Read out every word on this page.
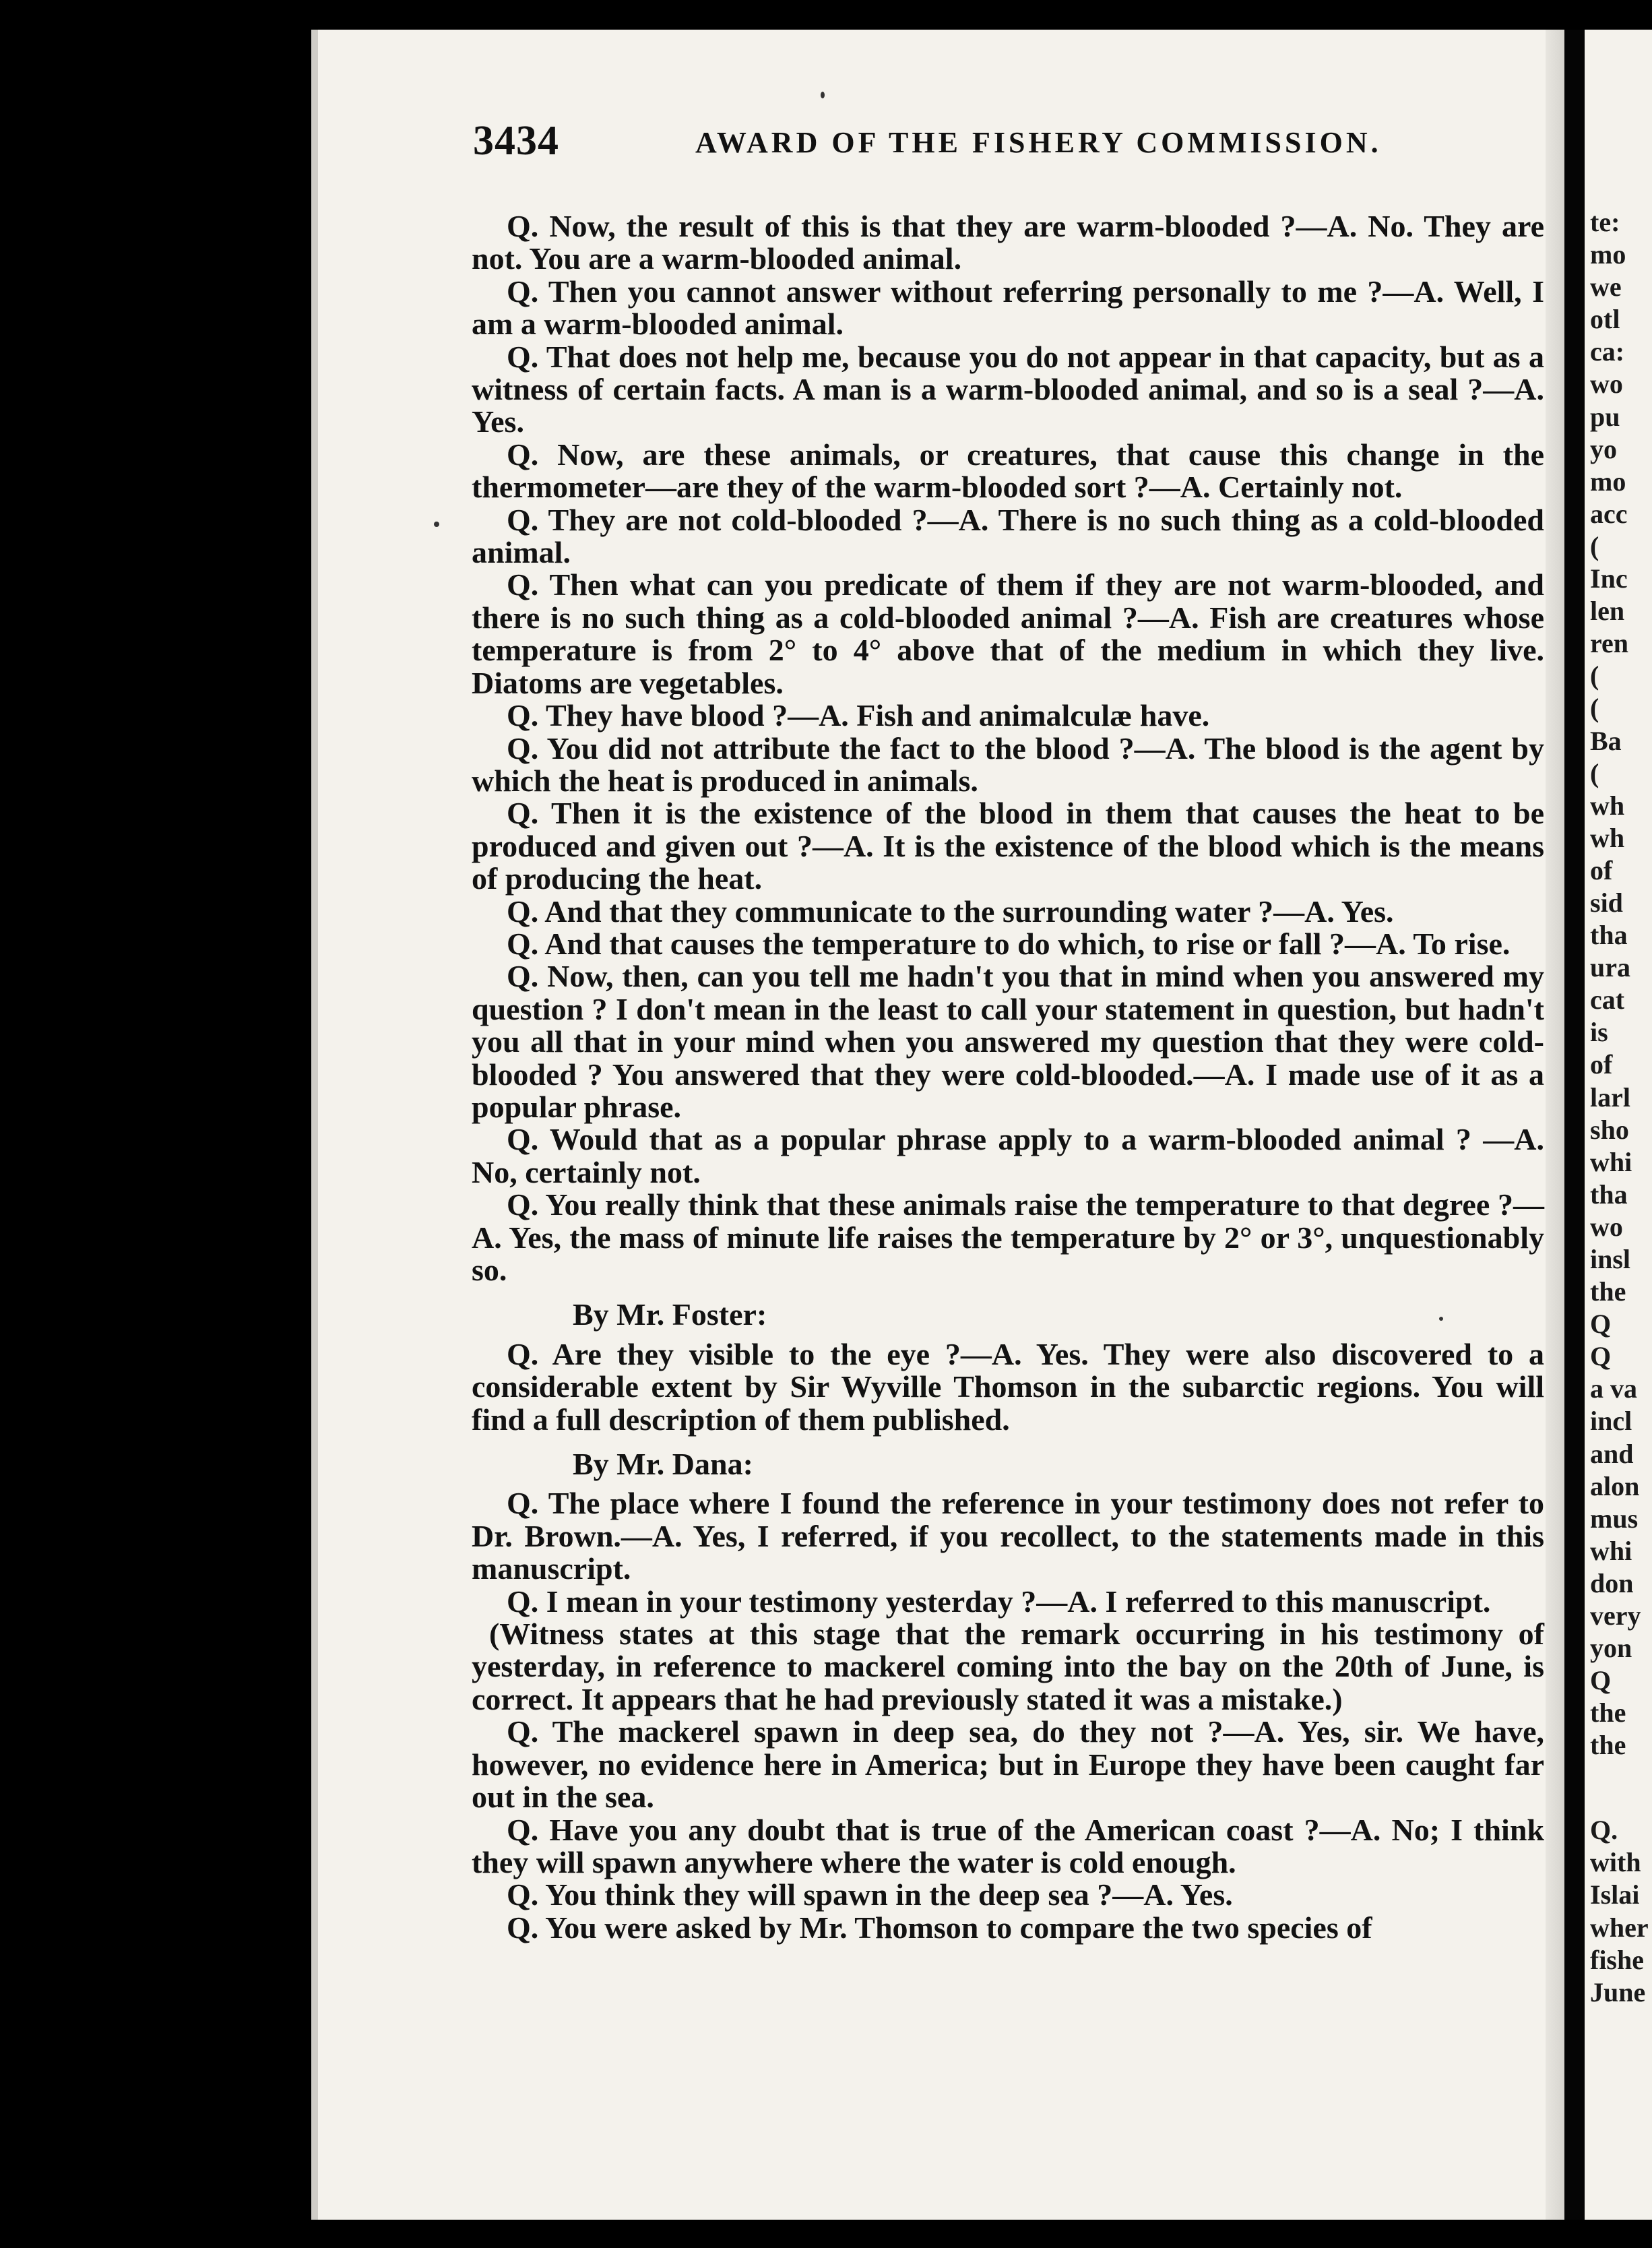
3434	AWARD OF THE FISHERY COMMISSION.

Q. Now, the result of this is that they are warm-blooded ?—A. No. They are not. You are a warm-blooded animal.

Q. Then you cannot answer without referring personally to me ?—A. Well, I am a warm-blooded animal.

Q. That does not help me, because you do not appear in that capacity, but as a witness of certain facts. A man is a warm-blooded animal, and so is a seal ?—A. Yes.

Q. Now, are these animals, or creatures, that cause this change in the thermometer—are they of the warm-blooded sort ?—A. Certainly not.

Q. They are not cold-blooded ?—A. There is no such thing as a cold-blooded animal.

Q. Then what can you predicate of them if they are not warm-blooded, and there is no such thing as a cold-blooded animal ?—A. Fish are creatures whose temperature is from 2° to 4° above that of the medium in which they live. Diatoms are vegetables.

Q. They have blood ?—A. Fish and animalculæ have.

Q. You did not attribute the fact to the blood ?—A. The blood is the agent by which the heat is produced in animals.

Q. Then it is the existence of the blood in them that causes the heat to be produced and given out ?—A. It is the existence of the blood which is the means of producing the heat.

Q. And that they communicate to the surrounding water ?—A. Yes.

Q. And that causes the temperature to do which, to rise or fall ?—A. To rise.

Q. Now, then, can you tell me hadn't you that in mind when you answered my question ? I don't mean in the least to call your statement in question, but hadn't you all that in your mind when you answered my question that they were cold-blooded ? You answered that they were cold-blooded.—A. I made use of it as a popular phrase.

Q. Would that as a popular phrase apply to a warm-blooded animal ? —A. No, certainly not.

Q. You really think that these animals raise the temperature to that degree ?—A. Yes, the mass of minute life raises the temperature by 2° or 3°, unquestionably so.

By Mr. Foster:

Q. Are they visible to the eye ?—A. Yes. They were also discovered to a considerable extent by Sir Wyville Thomson in the subarctic regions. You will find a full description of them published.

By Mr. Dana:

Q. The place where I found the reference in your testimony does not refer to Dr. Brown.—A. Yes, I referred, if you recollect, to the statements made in this manuscript.

Q. I mean in your testimony yesterday ?—A. I referred to this manuscript.

(Witness states at this stage that the remark occurring in his testimony of yesterday, in reference to mackerel coming into the bay on the 20th of June, is correct. It appears that he had previously stated it was a mistake.)

Q. The mackerel spawn in deep sea, do they not ?—A. Yes, sir. We have, however, no evidence here in America; but in Europe they have been caught far out in the sea.

Q. Have you any doubt that is true of the American coast ?—A. No; I think they will spawn anywhere where the water is cold enough.

Q. You think they will spawn in the deep sea ?—A. Yes.

Q. You were asked by Mr. Thomson to compare the two species of

te:
mo
we
otl
ca:
wo
pu
yo
mo
acc
(
Inc
len
ren
(
(
Ba
(
wh
wh
of
sid
tha
ura
cat
is
of
larl
sho
whi
tha
wo
insl
the
Q
Q
a va
incl
and
alon
mus
whi
don
very
yon
Q
the
the
Q.
with
Islai
wher
fishe
June
